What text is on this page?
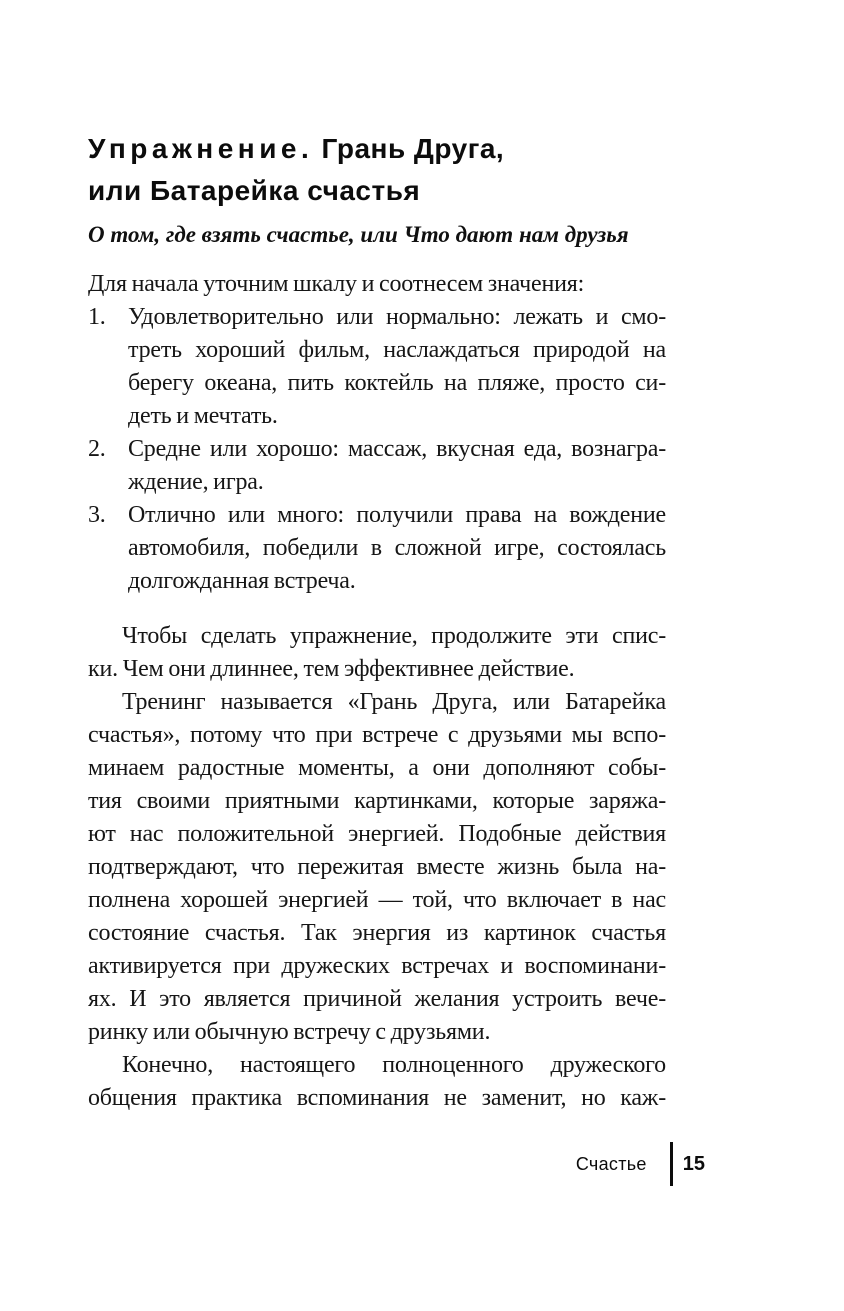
Упражнение. Грань Друга,
или Батарейка счастья
О том, где взять счастье, или Что дают нам друзья
Для начала уточним шкалу и соотнесем значения:
1. Удовлетворительно или нормально: лежать и смо-
треть хороший фильм, наслаждаться природой на
берегу океана, пить коктейль на пляже, просто си-
деть и мечтать.
2. Средне или хорошо: массаж, вкусная еда, вознагра-
ждение, игра.
3. Отлично или много: получили права на вождение
автомобиля, победили в сложной игре, состоялась
долгожданная встреча.
Чтобы сделать упражнение, продолжите эти спис-
ки. Чем они длиннее, тем эффективнее действие.
Тренинг называется «Грань Друга, или Батарейка
счастья», потому что при встрече с друзьями мы вспо-
минаем радостные моменты, а они дополняют собы-
тия своими приятными картинками, которые заряжа-
ют нас положительной энергией. Подобные действия
подтверждают, что пережитая вместе жизнь была на-
полнена хорошей энергией — той, что включает в нас
состояние счастья. Так энергия из картинок счастья
активируется при дружеских встречах и воспоминани-
ях. И это является причиной желания устроить вече-
ринку или обычную встречу с друзьями.
Конечно, настоящего полноценного дружеского
общения практика вспоминания не заменит, но каж-
Счастье 15
